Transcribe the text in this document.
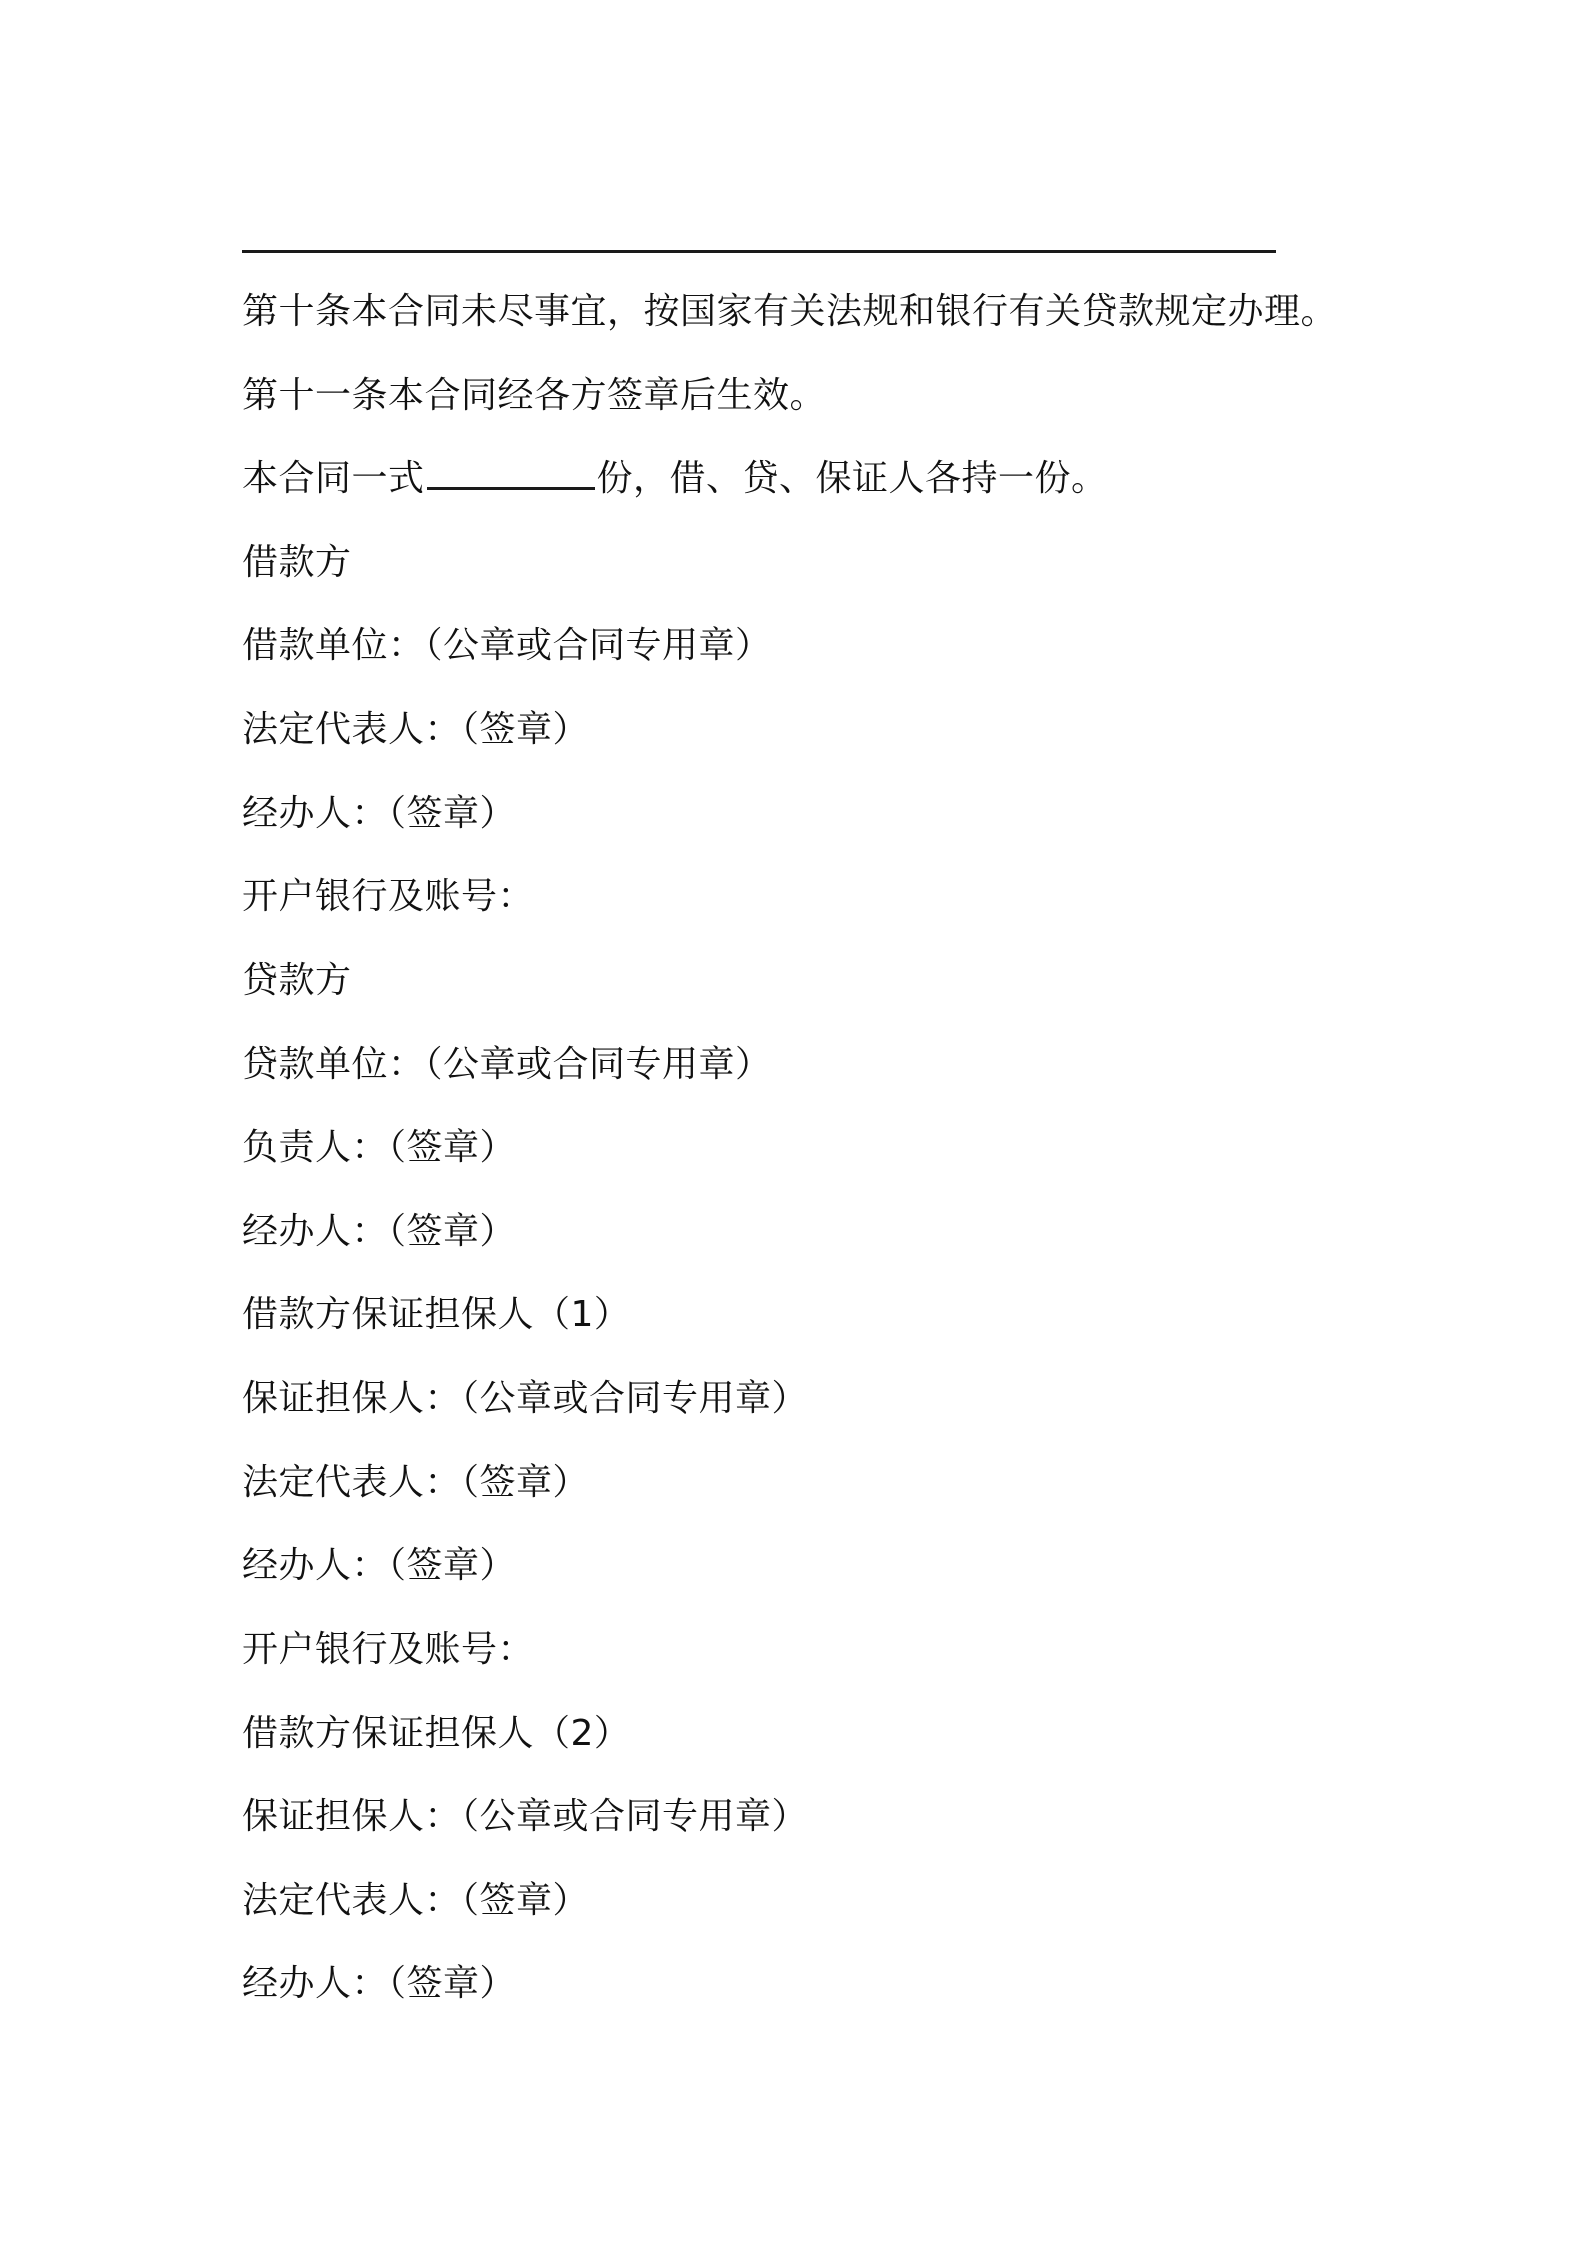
第十条本合同未尽事宜，按国家有关法规和银行有关贷款规定办理。
第十一条本合同经各方签章后生效。
本合同一式	份，借、贷、保证人各持一份。
借款方
借款单位：（公章或合同专用章）
法定代表人：（签章）
经办人：（签章）
开户银行及账号：
贷款方
贷款单位：（公章或合同专用章）
负责人：（签章）
经办人：（签章）
借款方保证担保人（1）
保证担保人：（公章或合同专用章）
法定代表人：（签章）
经办人：（签章）
开户银行及账号：
借款方保证担保人（2）
保证担保人：（公章或合同专用章）
法定代表人：（签章）
经办人：（签章）
